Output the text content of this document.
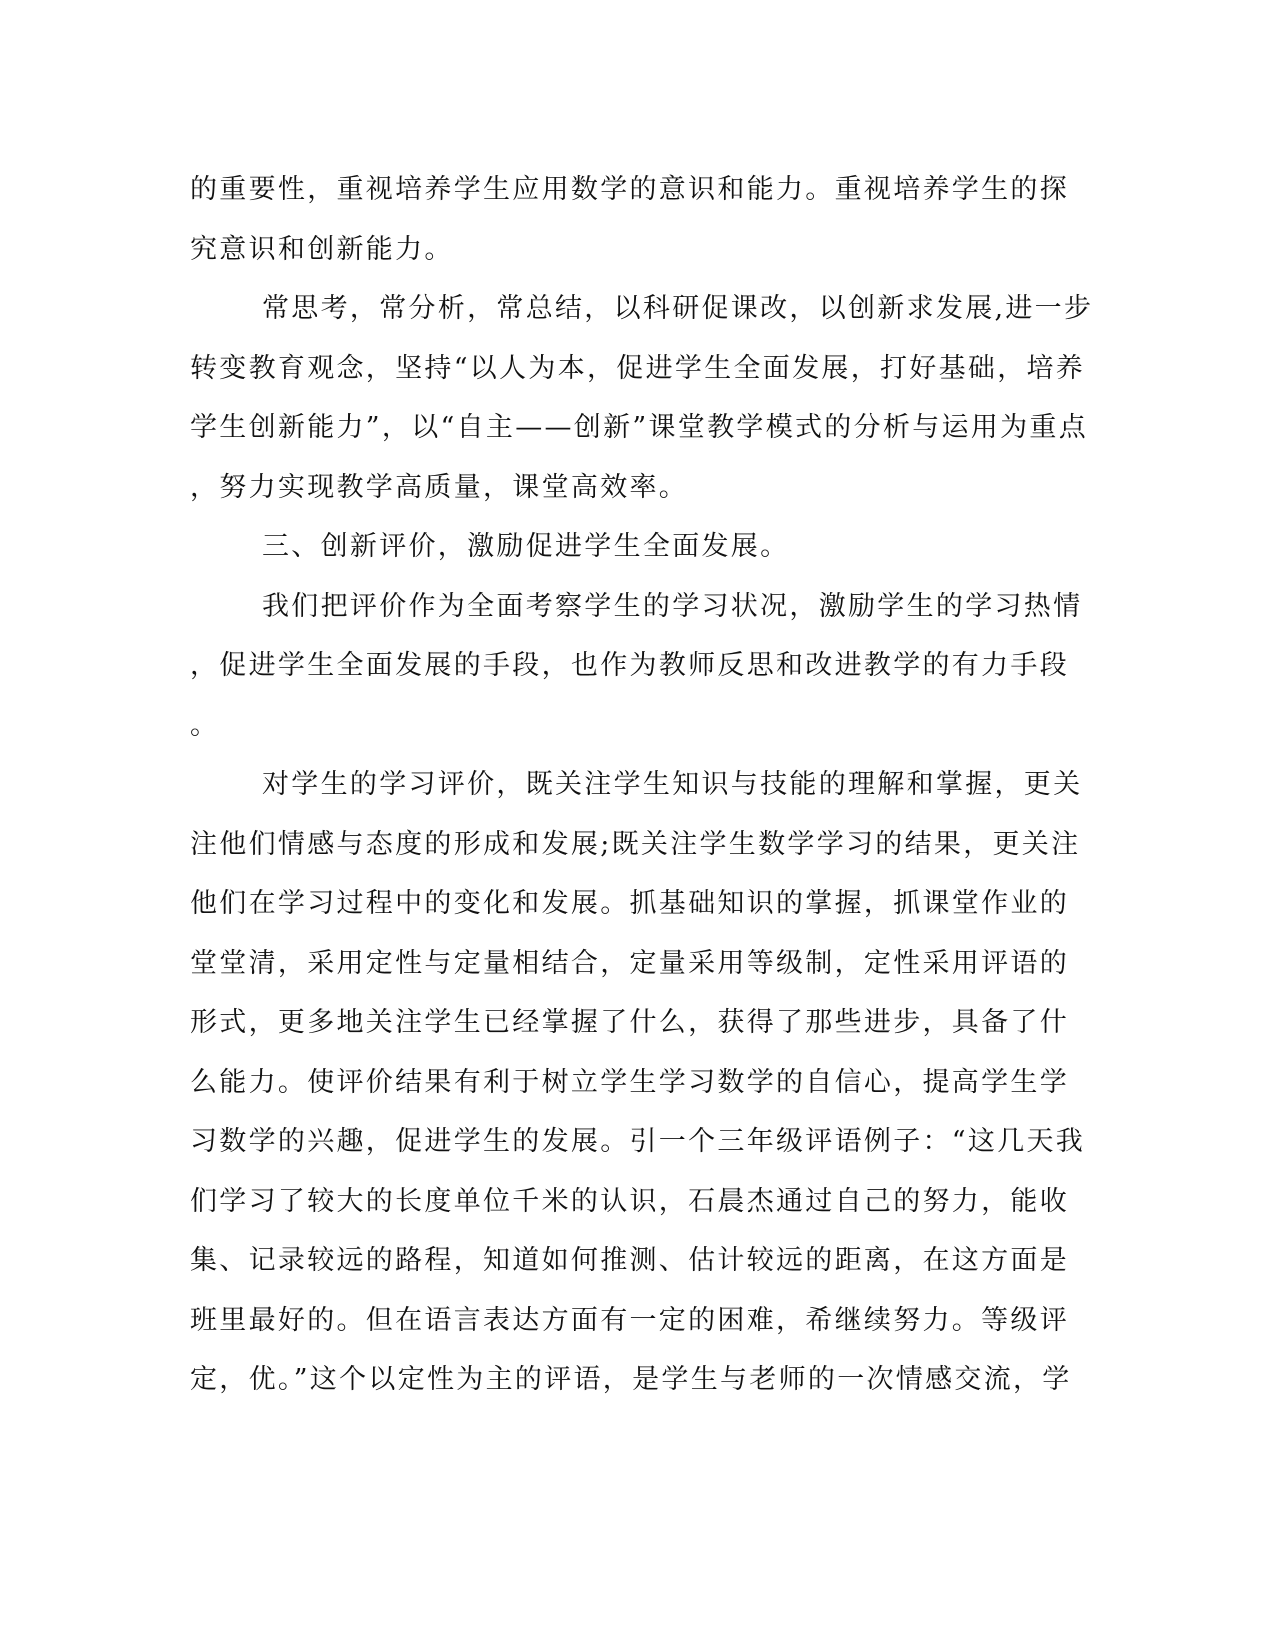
的重要性，重视培养学生应用数学的意识和能力。重视培养学生的探
究意识和创新能力。
常思考，常分析，常总结，以科研促课改，以创新求发展,进一步
转变教育观念，坚持“以人为本，促进学生全面发展，打好基础，培养
学生创新能力”，以“自主——创新”课堂教学模式的分析与运用为重点
，努力实现教学高质量，课堂高效率。
三、创新评价，激励促进学生全面发展。
我们把评价作为全面考察学生的学习状况，激励学生的学习热情
，促进学生全面发展的手段，也作为教师反思和改进教学的有力手段
。
对学生的学习评价，既关注学生知识与技能的理解和掌握，更关
注他们情感与态度的形成和发展;既关注学生数学学习的结果，更关注
他们在学习过程中的变化和发展。抓基础知识的掌握，抓课堂作业的
堂堂清，采用定性与定量相结合，定量采用等级制，定性采用评语的
形式，更多地关注学生已经掌握了什么，获得了那些进步，具备了什
么能力。使评价结果有利于树立学生学习数学的自信心，提高学生学
习数学的兴趣，促进学生的发展。引一个三年级评语例子：“这几天我
们学习了较大的长度单位千米的认识，石晨杰通过自己的努力，能收
集、记录较远的路程，知道如何推测、估计较远的距离，在这方面是
班里最好的。但在语言表达方面有一定的困难，希继续努力。等级评
定，优。”这个以定性为主的评语，是学生与老师的一次情感交流，学
